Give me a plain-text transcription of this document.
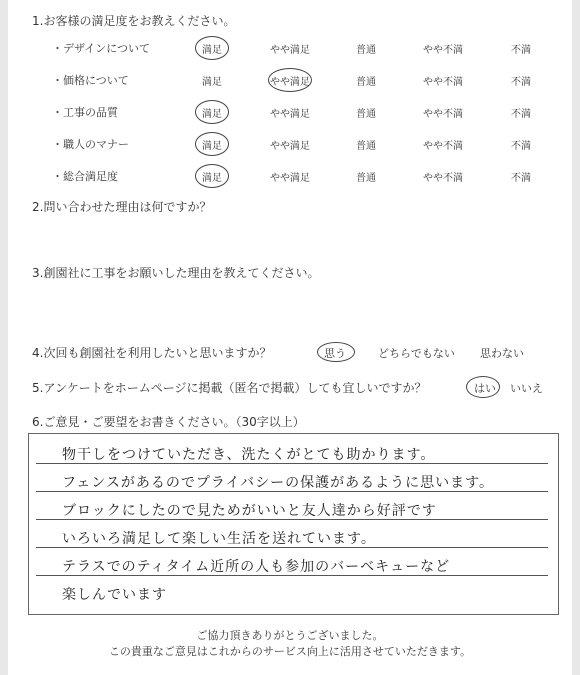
1.お客様の満足度をお教えください。
・デザインについて	満足	やや満足	普通	やや不満	不満
・価格について	満足	やや満足	普通	やや不満	不満
・工事の品質	満足	やや満足	普通	やや不満	不満
・職人のマナー	満足	やや満足	普通	やや不満	不満
・総合満足度	満足	やや満足	普通	やや不満	不満
2.問い合わせた理由は何ですか？
3.創園社に工事をお願いした理由を教えてください。
4.次回も創園社を利用したいと思いますか？	思う	どちらでもない 思わない
5.アンケートをホームページに掲載（匿名で掲載）しても宜しいですか？	はい	いいえ
6.ご意見・ご要望をお書きください。（30字以上）
物干しをつけていただき、洗たくがとても助かります。
フェンスがあるのでプライバシーの保護があるように思います。
ブロックにしたので見ためがいいと友人達から好評です
いろいろ満足して楽しい生活を送れています。
テラスでのティタイム近所の人も参加のバーベキューなど
楽しんでいます
ご協力頂きありがとうございました。
この貴重なご意見はこれからのサービス向上に活用させていただきます。
